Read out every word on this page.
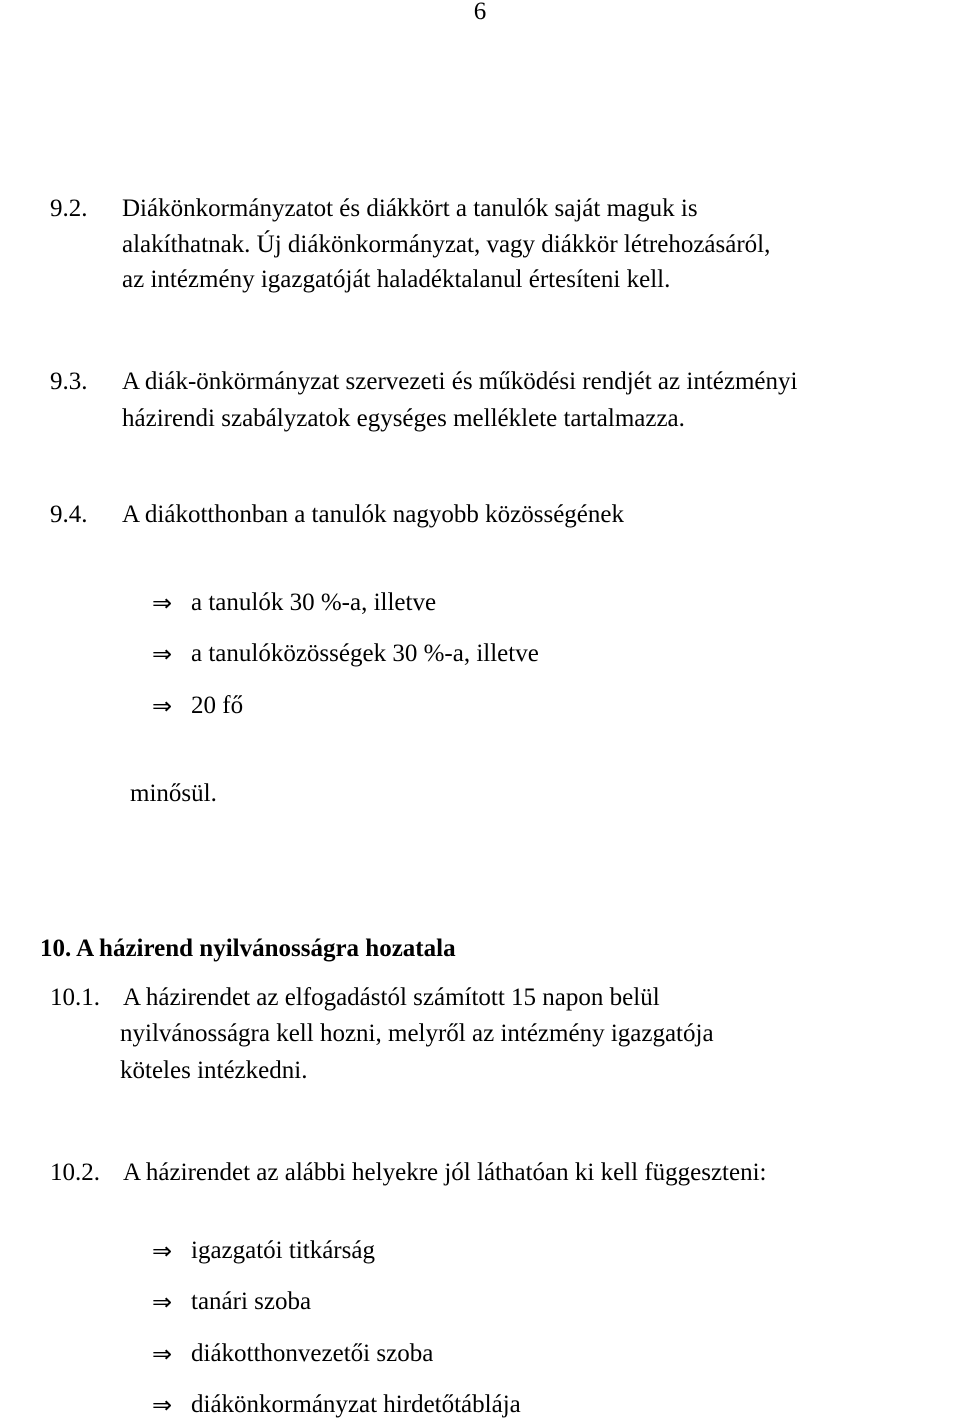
6
9.2. Diákönkormányzatot és diákkört a tanulók saját maguk is
alakíthatnak. Új diákönkormányzat, vagy diákkör létrehozásáról,
az intézmény igazgatóját haladéktalanul értesíteni kell.
9.3. A diák-önkörmányzat szervezeti és működési rendjét az intézményi
házirendi szabályzatok egységes melléklete tartalmazza.
9.4. A diákotthonban a tanulók nagyobb közösségének
⇒ a tanulók 30 %-a, illetve
⇒ a tanulóközösségek 30 %-a, illetve
⇒ 20 fő
minősül.
10. A házirend nyilvánosságra hozatala
10.1. A házirendet az elfogadástól számított 15 napon belül
nyilvánosságra kell hozni, melyről az intézmény igazgatója
köteles intézkedni.
10.2. A házirendet az alábbi helyekre jól láthatóan ki kell függeszteni:
⇒ igazgatói titkárság
⇒ tanári szoba
⇒ diákotthonvezetői szoba
⇒ diákönkormányzat hirdetőtáblája
